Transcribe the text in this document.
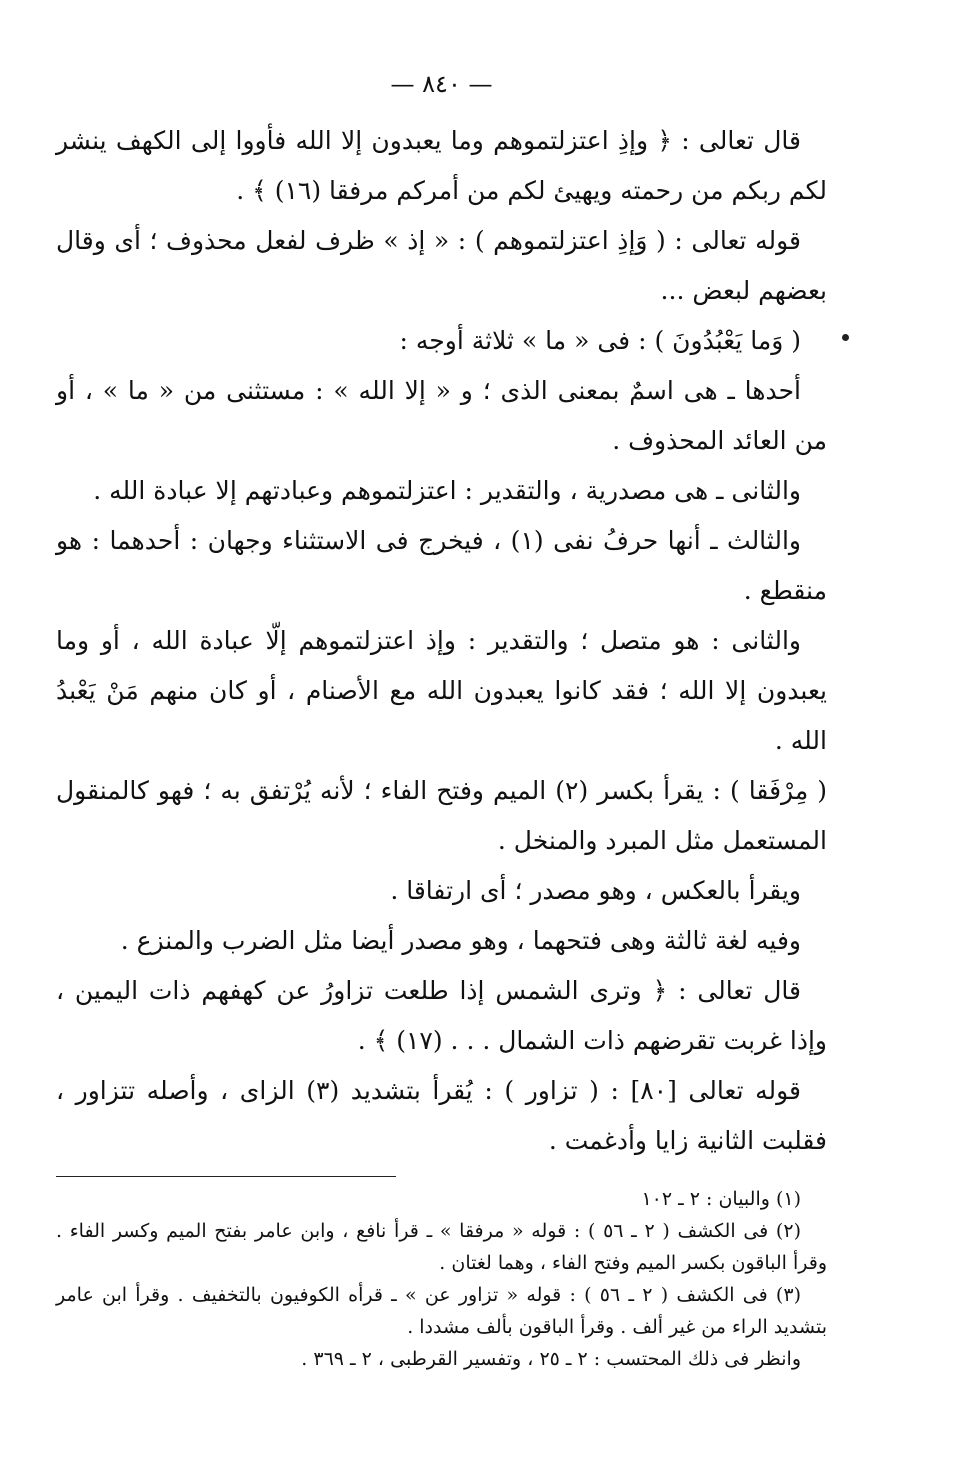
— ٨٤٠ —

قال تعالى : ﴿ وإذِ اعتزلتموهم وما يعبدون إلا الله فأووا إلى الكهف ينشر لكم ربكم من رحمته ويهيئ لكم من أمركم مرفقا (١٦) ﴾ .

قوله تعالى : ( وَإذِ اعتزلتموهم ) : « إذ » ظرف لفعل محذوف ؛ أى وقال بعضهم لبعض ...

( وَما يَعْبُدُونَ ) : فى « ما » ثلاثة أوجه :

أحدها ـ هى اسمٌ بمعنى الذى ؛ و « إلا الله » : مستثنى من « ما » ، أو من العائد المحذوف .

والثانى ـ هى مصدرية ، والتقدير : اعتزلتموهم وعبادتهم إلا عبادة الله .

والثالث ـ أنها حرفُ نفى (١) ، فيخرج فى الاستثناء وجهان : أحدهما : هو منقطع .

والثانى : هو متصل ؛ والتقدير : وإذ اعتزلتموهم إلّا عبادة الله ، أو وما يعبدون إلا الله ؛ فقد كانوا يعبدون الله مع الأصنام ، أو كان منهم مَنْ يَعْبدُ الله .

( مِرْفَقا ) : يقرأ بكسر (٢) الميم وفتح الفاء ؛ لأنه يُرْتفق به ؛ فهو كالمنقول المستعمل مثل المبرد والمنخل .

ويقرأ بالعكس ، وهو مصدر ؛ أى ارتفاقا .

وفيه لغة ثالثة وهى فتحهما ، وهو مصدر أيضا مثل الضرب والمنزع .

قال تعالى : ﴿ وترى الشمس إذا طلعت تزاورُ عن كهفهم ذات اليمين ، وإذا غربت تقرضهم ذات الشمال . . . (١٧) ﴾ .

قوله تعالى [٨٠] : ( تزاور ) : يُقرأ بتشديد (٣) الزاى ، وأصله تتزاور ، فقلبت الثانية زايا وأدغمت .

(١) والبيان : ٢ ـ ١٠٢

(٢) فى الكشف ( ٢ ـ ٥٦ ) : قوله « مرفقا » ـ قرأ نافع ، وابن عامر بفتح الميم وكسر الفاء . وقرأ الباقون بكسر الميم وفتح الفاء ، وهما لغتان .

(٣) فى الكشف ( ٢ ـ ٥٦ ) : قوله « تزاور عن » ـ قرأه الكوفيون بالتخفيف . وقرأ ابن عامر بتشديد الراء من غير ألف . وقرأ الباقون بألف مشددا .

وانظر فى ذلك المحتسب : ٢ ـ ٢٥ ، وتفسير القرطبى ، ٢ ـ ٣٦٩ .
